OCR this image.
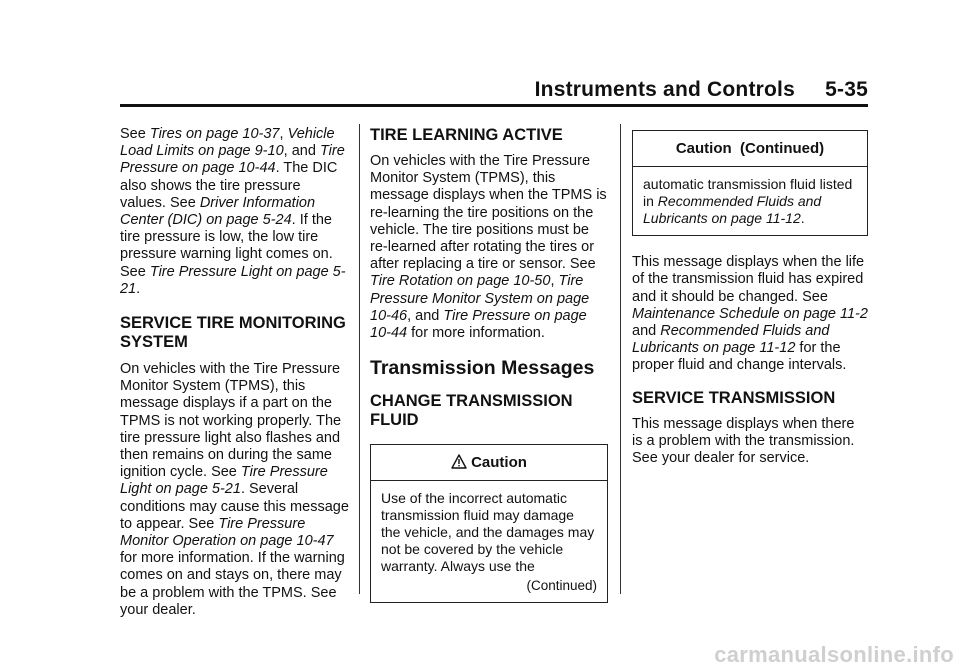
Instruments and Controls 5-35

See Tires on page 10-37, Vehicle Load Limits on page 9-10, and Tire Pressure on page 10-44. The DIC also shows the tire pressure values. See Driver Information Center (DIC) on page 5-24. If the tire pressure is low, the low tire pressure warning light comes on. See Tire Pressure Light on page 5-21.

SERVICE TIRE MONITORING SYSTEM

On vehicles with the Tire Pressure Monitor System (TPMS), this message displays if a part on the TPMS is not working properly. The tire pressure light also flashes and then remains on during the same ignition cycle. See Tire Pressure Light on page 5-21. Several conditions may cause this message to appear. See Tire Pressure Monitor Operation on page 10-47 for more information. If the warning comes on and stays on, there may be a problem with the TPMS. See your dealer.

TIRE LEARNING ACTIVE

On vehicles with the Tire Pressure Monitor System (TPMS), this message displays when the TPMS is re-learning the tire positions on the vehicle. The tire positions must be re-learned after rotating the tires or after replacing a tire or sensor. See Tire Rotation on page 10-50, Tire Pressure Monitor System on page 10-46, and Tire Pressure on page 10-44 for more information.

Transmission Messages
CHANGE TRANSMISSION FLUID
Caution

Use of the incorrect automatic transmission fluid may damage the vehicle, and the damages may not be covered by the vehicle warranty. Always use the

(Continued)

Caution  (Continued)

automatic transmission fluid listed in Recommended Fluids and Lubricants on page 11-12.

This message displays when the life of the transmission fluid has expired and it should be changed. See Maintenance Schedule on page 11-2 and Recommended Fluids and Lubricants on page 11-12 for the proper fluid and change intervals.

SERVICE TRANSMISSION

This message displays when there is a problem with the transmission. See your dealer for service.

carmanualsonline.info
